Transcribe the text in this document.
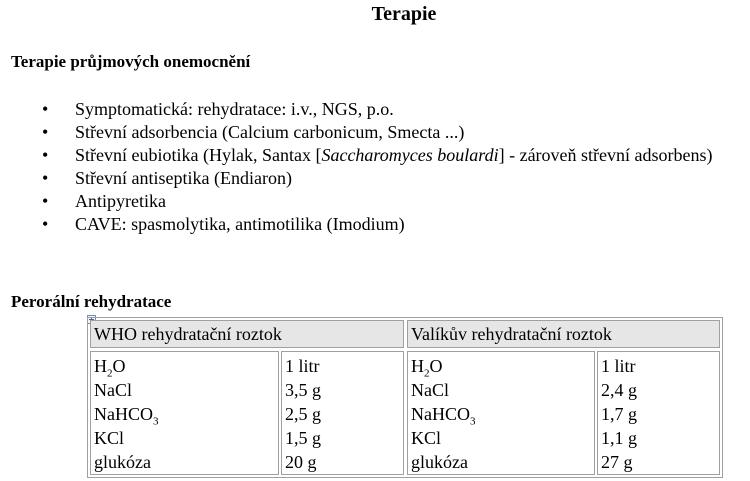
Terapie
Terapie průjmových onemocnění
• Symptomatická: rehydratace: i.v., NGS, p.o.
• Střevní adsorbencia (Calcium carbonicum, Smecta ...)
• Střevní eubiotika (Hylak, Santax [Saccharomyces boulardi] - zároveň střevní adsorbens)
• Střevní antiseptika (Endiaron)
• Antipyretika
• CAVE: spasmolytika, antimotilika (Imodium)
Perorální rehydratace
WHO rehydratační roztok	Valíkův rehydratační roztok
$H_2O$
NaCl
NaHCO$_3$
KCl
glukóza
1 litr
3,5 g
2,5 g
1,5 g
20 g
$H_2O$
NaCl
NaHCO$_3$
KCl
glukóza
1 litr
2,4 g
1,7 g
1,1 g
27 g
